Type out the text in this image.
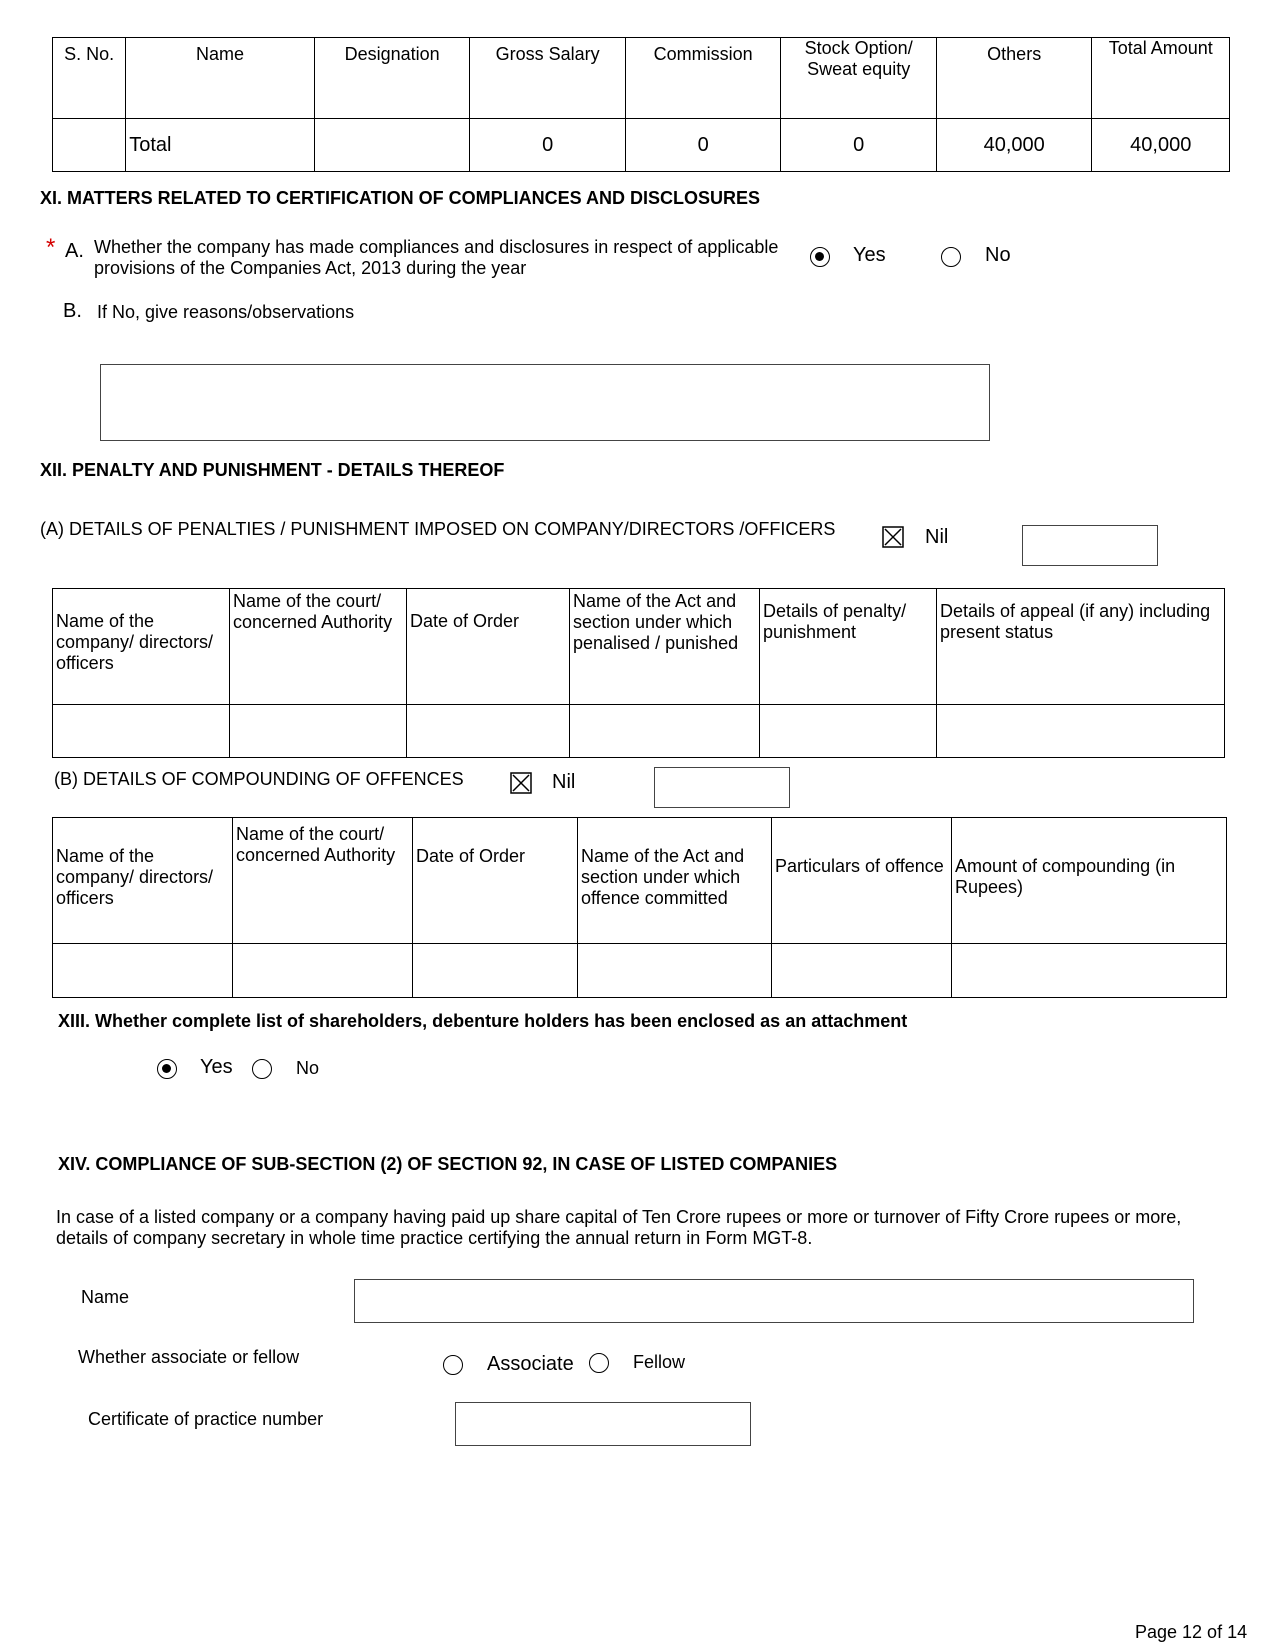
S. No.	Name	Designation	Gross Salary	Commission	Stock Option/ Sweat equity	Others	Total Amount
	Total		0	0	0	40,000	40,000
XI. MATTERS RELATED TO CERTIFICATION OF COMPLIANCES AND DISCLOSURES
* A. Whether the company has made compliances and disclosures in respect of applicable provisions of the Companies Act, 2013 during the year
Yes	No
B. If No, give reasons/observations
XII. PENALTY AND PUNISHMENT - DETAILS THEREOF
(A) DETAILS OF PENALTIES / PUNISHMENT IMPOSED ON COMPANY/DIRECTORS /OFFICERS	Nil
Name of the company/ directors/ officers	Name of the court/ concerned Authority	Date of Order	Name of the Act and section under which penalised / punished	Details of penalty/ punishment	Details of appeal (if any) including present status

(B) DETAILS OF COMPOUNDING OF OFFENCES	Nil
Name of the company/ directors/ officers	Name of the court/ concerned Authority	Date of Order	Name of the Act and section under which offence committed	Particulars of offence	Amount of compounding (in Rupees)

XIII. Whether complete list of shareholders, debenture holders has been enclosed as an attachment
Yes	No
XIV. COMPLIANCE OF SUB-SECTION (2) OF SECTION 92, IN CASE OF LISTED COMPANIES
In case of a listed company or a company having paid up share capital of Ten Crore rupees or more or turnover of Fifty Crore rupees or more, details of company secretary in whole time practice certifying the annual return in Form MGT-8.
Name
Whether associate or fellow	Associate	Fellow
Certificate of practice number
Page 12 of 14
